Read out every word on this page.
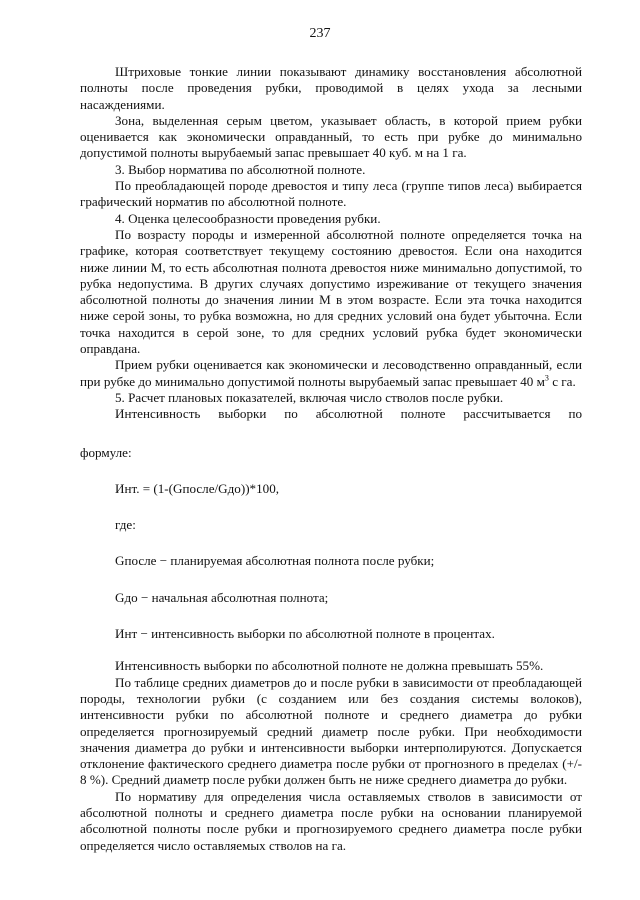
237

Штриховые тонкие линии показывают динамику восстановления абсолютной полноты после проведения рубки, проводимой в целях ухода за лесными насаждениями.

Зона, выделенная серым цветом, указывает область, в которой прием рубки оценивается как экономически оправданный, то есть при рубке до минимально допустимой полноты вырубаемый запас превышает 40 куб. м на 1 га.

3. Выбор норматива по абсолютной полноте.

По преобладающей породе древостоя и типу леса (группе типов леса) выбирается графический норматив по абсолютной полноте.

4. Оценка целесообразности проведения рубки.

По возрасту породы и измеренной абсолютной полноте определяется точка на графике, которая соответствует текущему состоянию древостоя. Если она находится ниже линии М, то есть абсолютная полнота древостоя ниже минимально допустимой, то рубка недопустима. В других случаях допустимо изреживание от текущего значения абсолютной полноты до значения линии М в этом возрасте. Если эта точка находится ниже серой зоны, то рубка возможна, но для средних условий она будет убыточна. Если точка находится в серой зоне, то для средних условий рубка будет экономически оправдана.

Прием рубки оценивается как экономически и лесоводственно оправданный, если при рубке до минимально допустимой полноты вырубаемый запас превышает 40 $м^3$ с га.

5. Расчет плановых показателей, включая число стволов после рубки.

Интенсивность выборки по абсолютной полноте рассчитывается по

формуле:

Инт. = (1-(Gпосле/Gдо))*100,

где:

Gпосле − планируемая абсолютная полнота после рубки;

Gдо − начальная абсолютная полнота;

Инт − интенсивность выборки по абсолютной полноте в процентах.

Интенсивность выборки по абсолютной полноте не должна превышать 55%.

По таблице средних диаметров до и после рубки в зависимости от преобладающей породы, технологии рубки (с созданием или без создания системы волоков), интенсивности рубки по абсолютной полноте и среднего диаметра до рубки определяется прогнозируемый средний диаметр после рубки. При необходимости значения диаметра до рубки и интенсивности выборки интерполируются. Допускается отклонение фактического среднего диаметра после рубки от прогнозного в пределах (+/- 8 %). Средний диаметр после рубки должен быть не ниже среднего диаметра до рубки.

По нормативу для определения числа оставляемых стволов в зависимости от абсолютной полноты и среднего диаметра после рубки на основании планируемой абсолютной полноты после рубки и прогнозируемого среднего диаметра после рубки определяется число оставляемых стволов на га.
